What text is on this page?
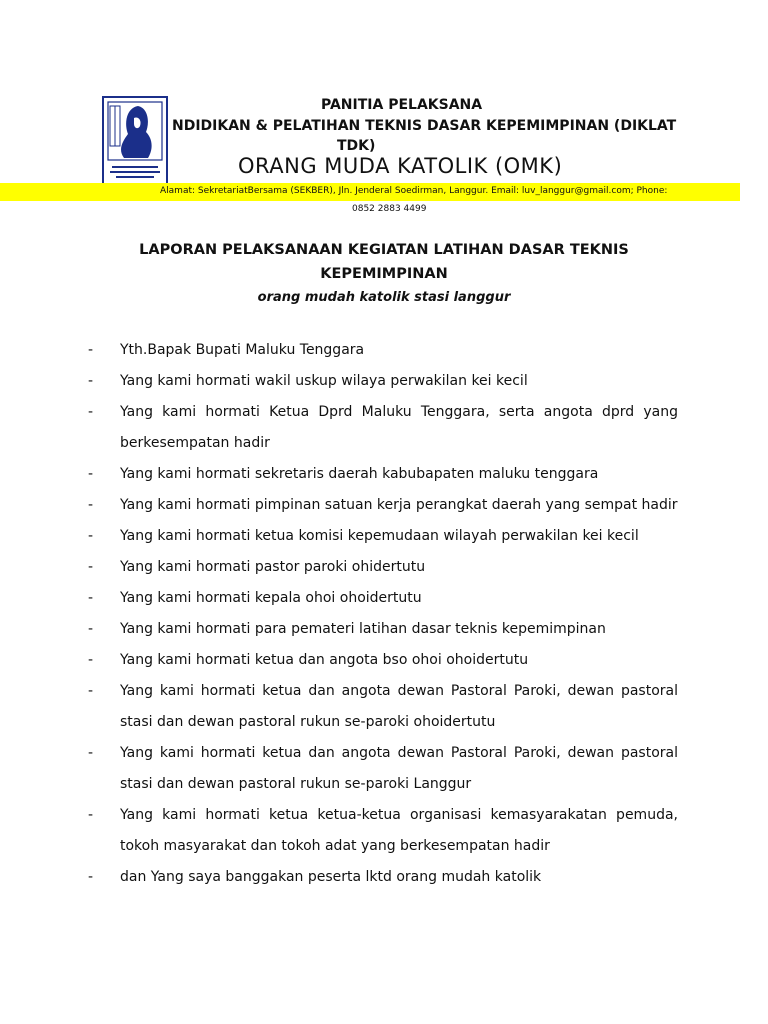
PANITIA PELAKSANA
NDIDIKAN & PELATIHAN TEKNIS DASAR KEPEMIMPINAN (DIKLAT
TDK)
ORANG MUDA KATOLIK (OMK)
Alamat: SekretariatBersama (SEKBER), Jln. Jenderal Soedirman, Langgur. Email: luv_langgur@gmail.com; Phone:
0852 2883 4499
LAPORAN PELAKSANAAN KEGIATAN LATIHAN DASAR TEKNIS
KEPEMIMPINAN
orang mudah katolik stasi langgur
- Yth.Bapak Bupati Maluku Tenggara
- Yang kami hormati wakil uskup wilaya perwakilan kei kecil
- Yang kami hormati Ketua Dprd Maluku Tenggara, serta angota dprd yang berkesempatan hadir
- Yang kami hormati sekretaris daerah kabubapaten maluku tenggara
- Yang kami hormati pimpinan satuan kerja perangkat daerah yang sempat hadir
- Yang kami hormati ketua komisi kepemudaan wilayah perwakilan kei kecil
- Yang kami hormati pastor paroki ohidertutu
- Yang kami hormati kepala ohoi ohoidertutu
- Yang kami hormati para pemateri latihan dasar teknis kepemimpinan
- Yang kami hormati ketua dan angota bso ohoi ohoidertutu
- Yang kami hormati ketua dan angota dewan Pastoral Paroki, dewan pastoral stasi dan dewan pastoral rukun se-paroki ohoidertutu
- Yang kami hormati ketua dan angota dewan Pastoral Paroki, dewan pastoral stasi dan dewan pastoral rukun se-paroki Langgur
- Yang kami hormati ketua ketua-ketua organisasi kemasyarakatan pemuda, tokoh masyarakat dan tokoh adat yang berkesempatan hadir
- dan Yang saya banggakan peserta lktd orang mudah katolik
